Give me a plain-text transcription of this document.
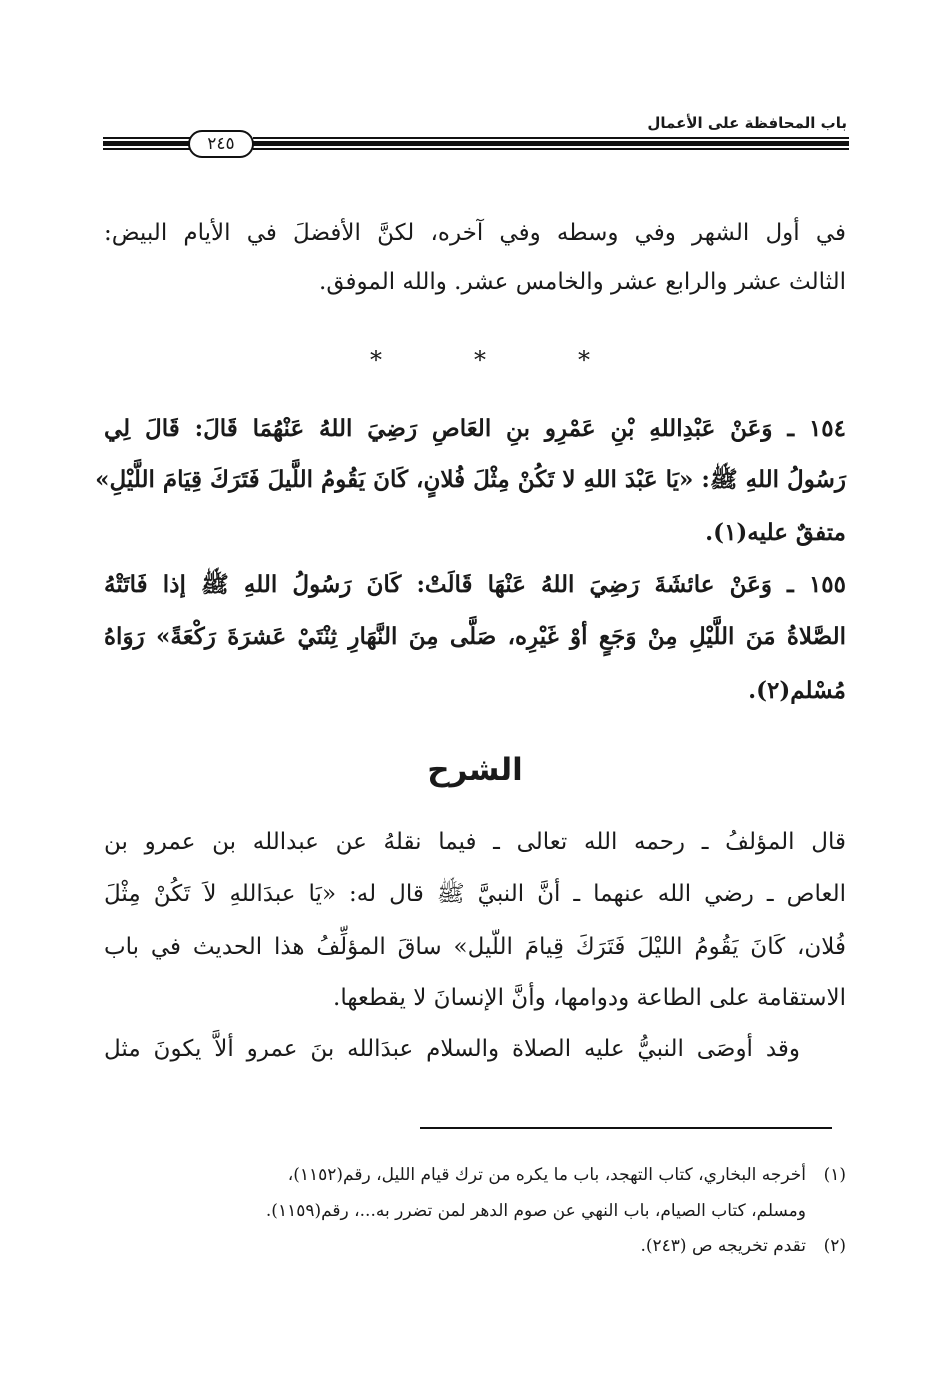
باب المحافظة على الأعمال
٢٤٥
في أول الشهر وفي وسطه وفي آخره، لكنَّ الأفضلَ في الأيام البيض:
الثالث عشر والرابع عشر والخامس عشر. والله الموفق.
*	*	*
١٥٤ ـ وَعَنْ عَبْدِاللهِ بْنِ عَمْرِو بنِ العَاصِ رَضِيَ اللهُ عَنْهُمَا قَالَ: قَالَ لِي
رَسُولُ اللهِ ﷺ: «يَا عَبْدَ اللهِ لا تَكُنْ مِثْلَ فُلانٍ، كَانَ يَقُومُ اللَّيلَ فَتَرَكَ قِيَامَ اللَّيْلِ»
متفقٌ عليه(١).
١٥٥ ـ وَعَنْ عائشَةَ رَضِيَ اللهُ عَنْهَا قَالَتْ: كَانَ رَسُولُ اللهِ ﷺ إذا فَاتَتْهُ
الصَّلاةُ مَنَ اللَّيْلِ مِنْ وَجَعٍ أوْ غَيْرِه، صَلَّى مِنَ النَّهَارِ ثِنْتَيْ عَشرَةَ رَكْعَةً» رَوَاهُ
مُسْلم(٢).
الشرح
قال المؤلفُ ـ رحمه الله تعالى ـ فيما نقلهُ عن عبدالله بن عمرو بن
العاص ـ رضي الله عنهما ـ أنَّ النبيَّ ﷺ قال له: «يَا عبدَاللهِ لاَ تَكُنْ مِثْلَ
فُلان، كَانَ يَقُومُ الليْلَ فَتَرَكَ قِيامَ اللّيل» ساقَ المؤلِّفُ هذا الحديث في باب
الاستقامة على الطاعة ودوامها، وأنَّ الإنسانَ لا يقطعها.
وقد أوصَى النبيُّ عليه الصلاة والسلام عبدَالله بنَ عمرو ألاَّ يكونَ مثل
(١)أخرجه البخاري، كتاب التهجد، باب ما يكره من ترك قيام الليل، رقم(١١٥٢)،
ومسلم، كتاب الصيام، باب النهي عن صوم الدهر لمن تضرر به...، رقم(١١٥٩).
(٢)تقدم تخريجه ص (٢٤٣).
